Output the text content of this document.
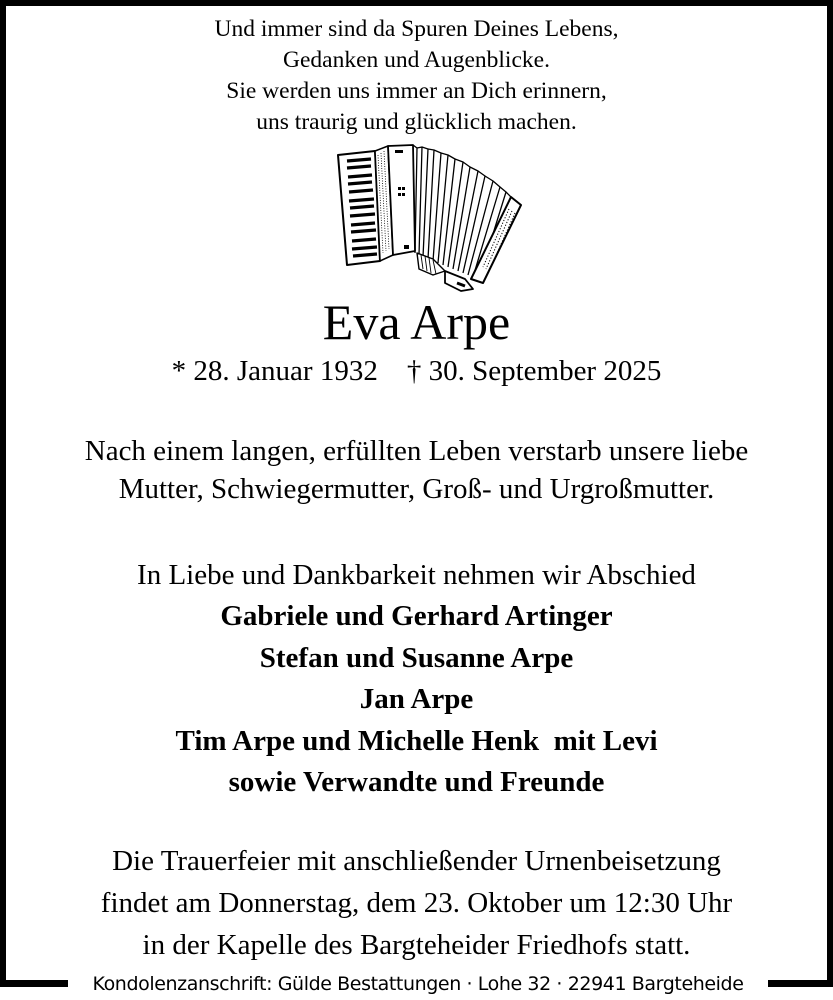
Und immer sind da Spuren Deines Lebens,
Gedanken und Augenblicke.
Sie werden uns immer an Dich erinnern,
uns traurig und glücklich machen.
Eva Arpe
* 28. Januar 1932    † 30. September 2025
Nach einem langen, erfüllten Leben verstarb unsere liebe
Mutter, Schwiegermutter, Groß- und Urgroßmutter.
In Liebe und Dankbarkeit nehmen wir Abschied
Gabriele und Gerhard Artinger
Stefan und Susanne Arpe
Jan Arpe
Tim Arpe und Michelle Henk  mit Levi
sowie Verwandte und Freunde
Die Trauerfeier mit anschließender Urnenbeisetzung
findet am Donnerstag, dem 23. Oktober um 12:30 Uhr
in der Kapelle des Bargteheider Friedhofs statt.
Kondolenzanschrift: Gülde Bestattungen · Lohe 32 · 22941 Bargteheide
